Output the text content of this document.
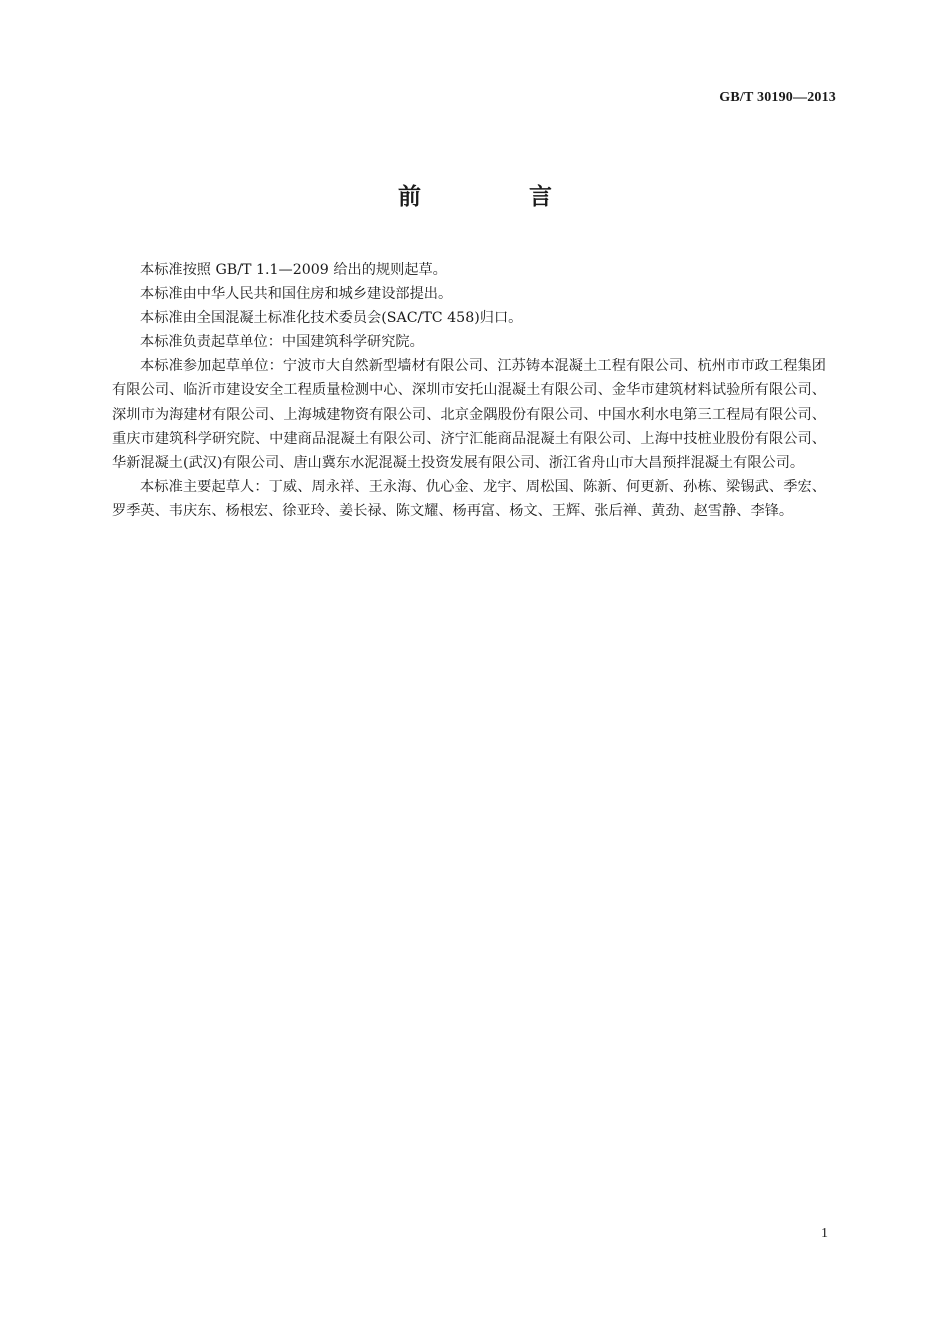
GB/T 30190—2013
前 言

本标准按照 GB/T 1.1—2009 给出的规则起草。

本标准由中华人民共和国住房和城乡建设部提出。

本标准由全国混凝土标准化技术委员会(SAC/TC 458)归口。

本标准负责起草单位：中国建筑科学研究院。

本标准参加起草单位：宁波市大自然新型墙材有限公司、江苏铸本混凝土工程有限公司、杭州市市政工程集团有限公司、临沂市建设安全工程质量检测中心、深圳市安托山混凝土有限公司、金华市建筑材料试验所有限公司、深圳市为海建材有限公司、上海城建物资有限公司、北京金隅股份有限公司、中国水利水电第三工程局有限公司、重庆市建筑科学研究院、中建商品混凝土有限公司、济宁汇能商品混凝土有限公司、上海中技桩业股份有限公司、华新混凝土(武汉)有限公司、唐山冀东水泥混凝土投资发展有限公司、浙江省舟山市大昌预拌混凝土有限公司。

本标准主要起草人：丁威、周永祥、王永海、仇心金、龙宇、周松国、陈新、何更新、孙栋、梁锡武、季宏、罗季英、韦庆东、杨根宏、徐亚玲、姜长禄、陈文耀、杨再富、杨文、王辉、张后禅、黄劲、赵雪静、李锋。

1
